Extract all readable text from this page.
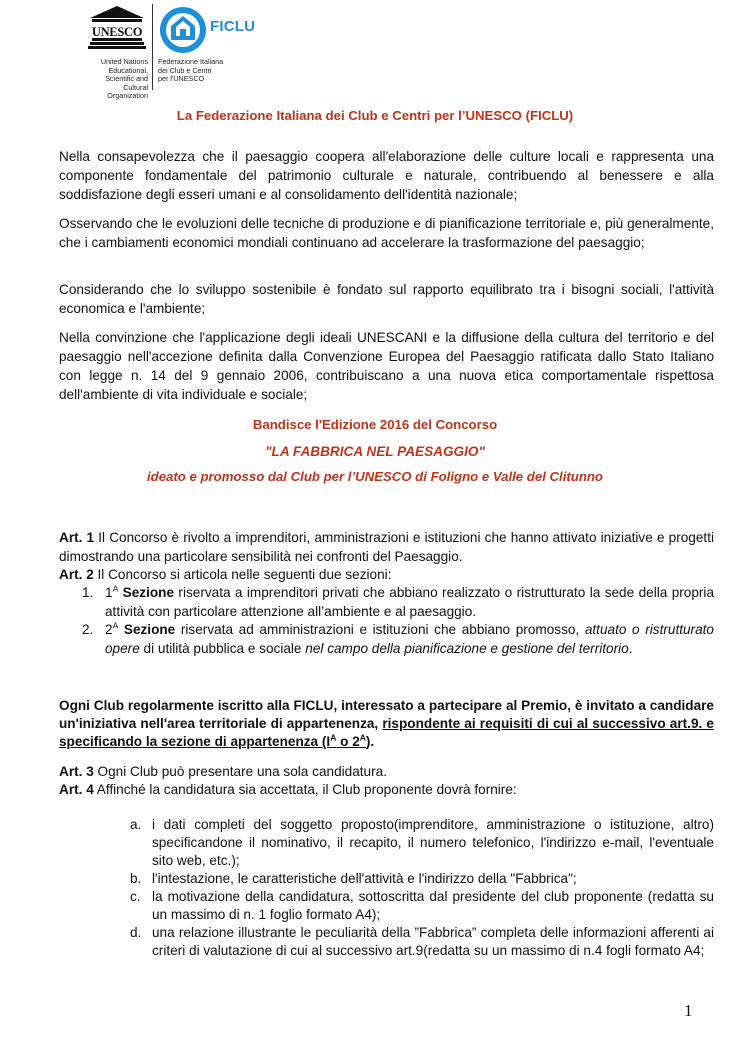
UNESCO
United Nations
Educational, Scientific and
Cultural Organization
FICLU
Federazione Italiana
dei Club e Centri
per l'UNESCO
La Federazione Italiana dei Club e Centri per l’UNESCO (FICLU)

Nella consapevolezza che il paesaggio coopera all'elaborazione delle culture locali e rappresenta una componente fondamentale del patrimonio culturale e naturale, contribuendo al benessere e alla soddisfazione degli esseri umani e al consolidamento dell'identità nazionale;

Osservando che le evoluzioni delle tecniche di produzione e di pianificazione territoriale e, più generalmente, che i cambiamenti economici mondiali continuano ad accelerare la trasformazione del paesaggio;

Considerando che lo sviluppo sostenibile è fondato sul rapporto equilibrato tra i bisogni sociali, l'attività economica e l'ambiente;

Nella convinzione che l'applicazione degli ideali UNESCANI e la diffusione della cultura del territorio e del paesaggio nell'accezione definita dalla Convenzione Europea del Paesaggio ratificata dallo Stato Italiano con legge n. 14 del 9 gennaio 2006, contribuiscano a una nuova etica comportamentale rispettosa dell'ambiente di vita individuale e sociale;

Bandisce l'Edizione 2016 del Concorso
"LA FABBRICA NEL PAESAGGIO"
ideato e promosso dal Club per l’UNESCO di Foligno e Valle del Clitunno

Art. 1 Il Concorso è rivolto a imprenditori, amministrazioni e istituzioni che hanno attivato iniziative e progetti dimostrando una particolare sensibilità nei confronti del Paesaggio.

Art. 2 Il Concorso si articola nelle seguenti due sezioni:

1. $1^A$ Sezione riservata a imprenditori privati che abbiano realizzato o ristrutturato la sede della propria attività con particolare attenzione all’ambiente e al paesaggio.
2. $2^A$ Sezione riservata ad amministrazioni e istituzioni che abbiano promosso, attuato o ristrutturato opere di utilità pubblica e sociale nel campo della pianificazione e gestione del territorio.

Ogni Club regolarmente iscritto alla FICLU, interessato a partecipare al Premio, è invitato a candidare un'iniziativa nell'area territoriale di appartenenza, rispondente ai requisiti di cui al successivo art.9. e specificando la sezione di appartenenza ($I^A$ o $2^A$).

Art. 3 Ogni Club può presentare una sola candidatura.

Art. 4 Affinché la candidatura sia accettata, il Club proponente dovrà fornire:

a. i dati completi del soggetto proposto(imprenditore, amministrazione o istituzione, altro) specificandone il nominativo, il recapito, il numero telefonico, l'indirizzo e-mail, l'eventuale sito web, etc.);
b. l'intestazione, le caratteristiche dell'attività e l'indirizzo della "Fabbrica";
c. la motivazione della candidatura, sottoscritta dal presidente del club proponente (redatta su un massimo di n. 1 foglio formato A4);
d. una relazione illustrante le peculiarità della ”Fabbrica” completa delle informazioni afferenti ai     criteri di valutazione di cui al successivo art.9(redatta su un massimo di n.4 fogli formato A4;
1
